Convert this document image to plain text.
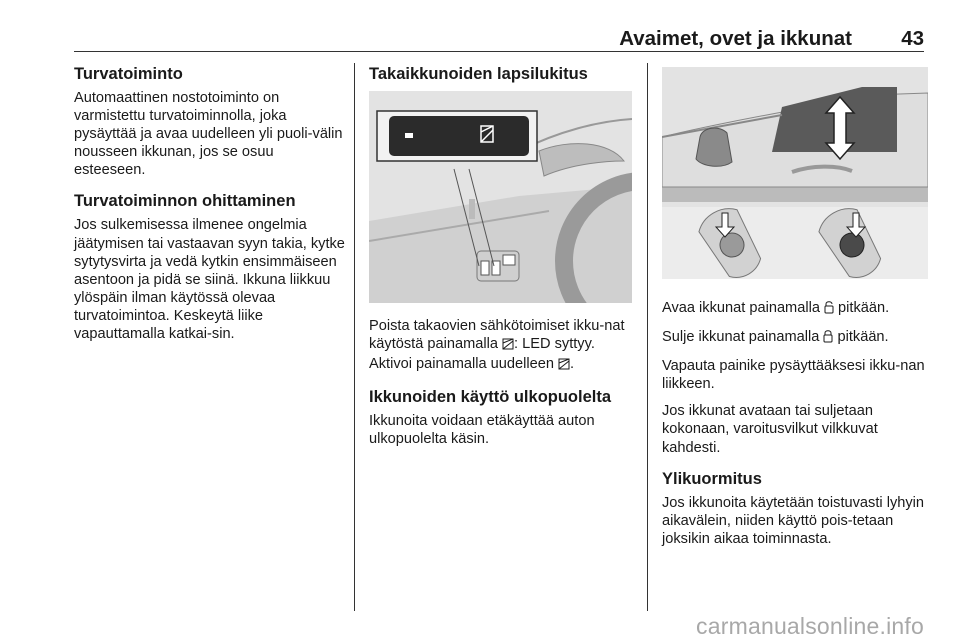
Avaimet, ovet ja ikkunat 43
Turvatoiminto

Automaattinen nostotoiminto on varmistettu turvatoiminnolla, joka pysäyttää ja avaa uudelleen yli puoli-välin nousseen ikkunan, jos se osuu esteeseen.

Turvatoiminnon ohittaminen

Jos sulkemisessa ilmenee ongelmia jäätymisen tai vastaavan syyn takia, kytke sytytysvirta ja vedä kytkin ensimmäiseen asentoon ja pidä se siinä. Ikkuna liikkuu ylöspäin ilman käytössä olevaa turvatoimintoa. Keskeytä liike vapauttamalla katkai-sin.

Takaikkunoiden lapsilukitus

Poista takaovien sähkötoimiset ikku-nat käytöstä painamalla : LED syttyy. Aktivoi painamalla uudelleen .

Ikkunoiden käyttö ulkopuolelta

Ikkunoita voidaan etäkäyttää auton ulkopuolelta käsin.

Avaa ikkunat painamalla  pitkään.

Sulje ikkunat painamalla  pitkään.

Vapauta painike pysäyttääksesi ikku-nan liikkeen.

Jos ikkunat avataan tai suljetaan kokonaan, varoitusvilkut vilkkuvat kahdesti.

Ylikuormitus

Jos ikkunoita käytetään toistuvasti lyhyin aikavälein, niiden käyttö pois-tetaan joksikin aikaa toiminnasta.

carmanualsonline.info
